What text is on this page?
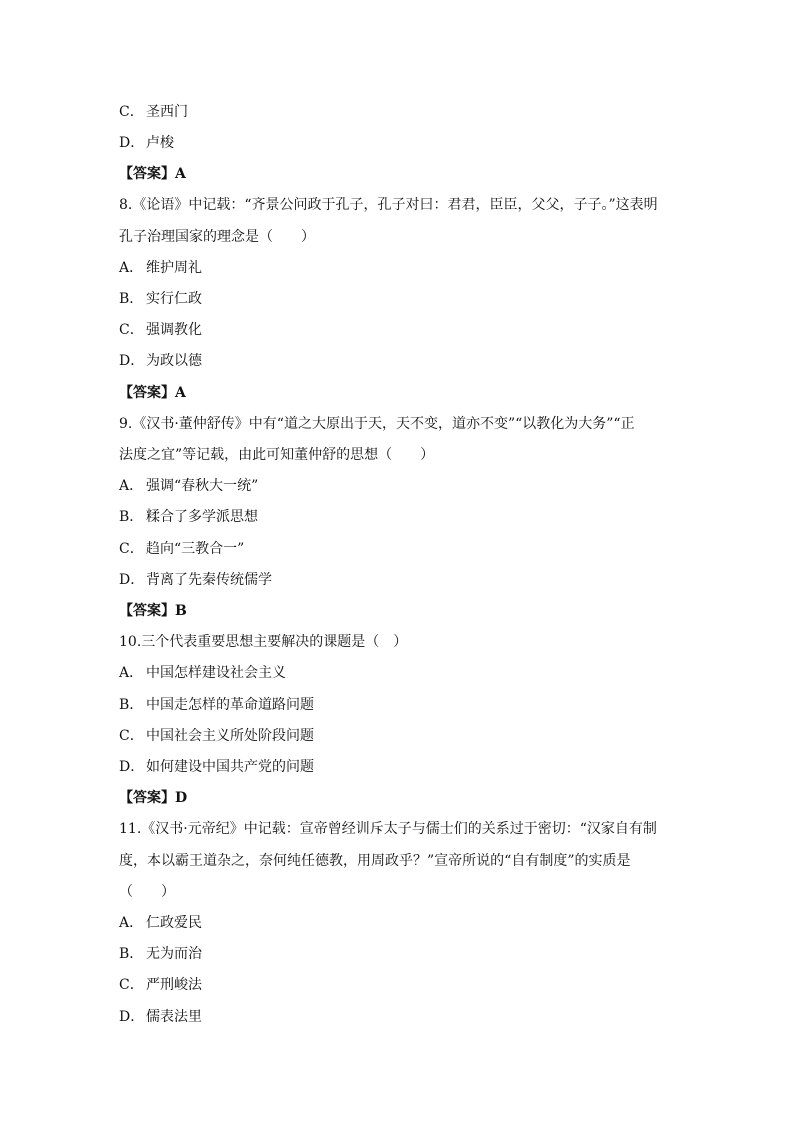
C． 圣西门
D． 卢梭
【答案】A
8.《论语》中记载：“齐景公问政于孔子，孔子对曰：君君，臣臣，父父，子子。”这表明
孔子治理国家的理念是（　　）
A． 维护周礼
B． 实行仁政
C． 强调教化
D． 为政以德
【答案】A
9.《汉书·董仲舒传》中有“道之大原出于天，天不变，道亦不变”“以教化为大务”“正
法度之宜”等记载，由此可知董仲舒的思想（　　）
A． 强调“春秋大一统”
B． 糅合了多学派思想
C． 趋向“三教合一”
D． 背离了先秦传统儒学
【答案】B
10.三个代表重要思想主要解决的课题是（　）
A． 中国怎样建设社会主义
B． 中国走怎样的革命道路问题
C． 中国社会主义所处阶段问题
D． 如何建设中国共产党的问题
【答案】D
11.《汉书·元帝纪》中记载：宣帝曾经训斥太子与儒士们的关系过于密切：“汉家自有制
度，本以霸王道杂之，奈何纯任德教，用周政乎？”宣帝所说的“自有制度”的实质是
（　　）
A． 仁政爱民
B． 无为而治
C． 严刑峻法
D． 儒表法里
